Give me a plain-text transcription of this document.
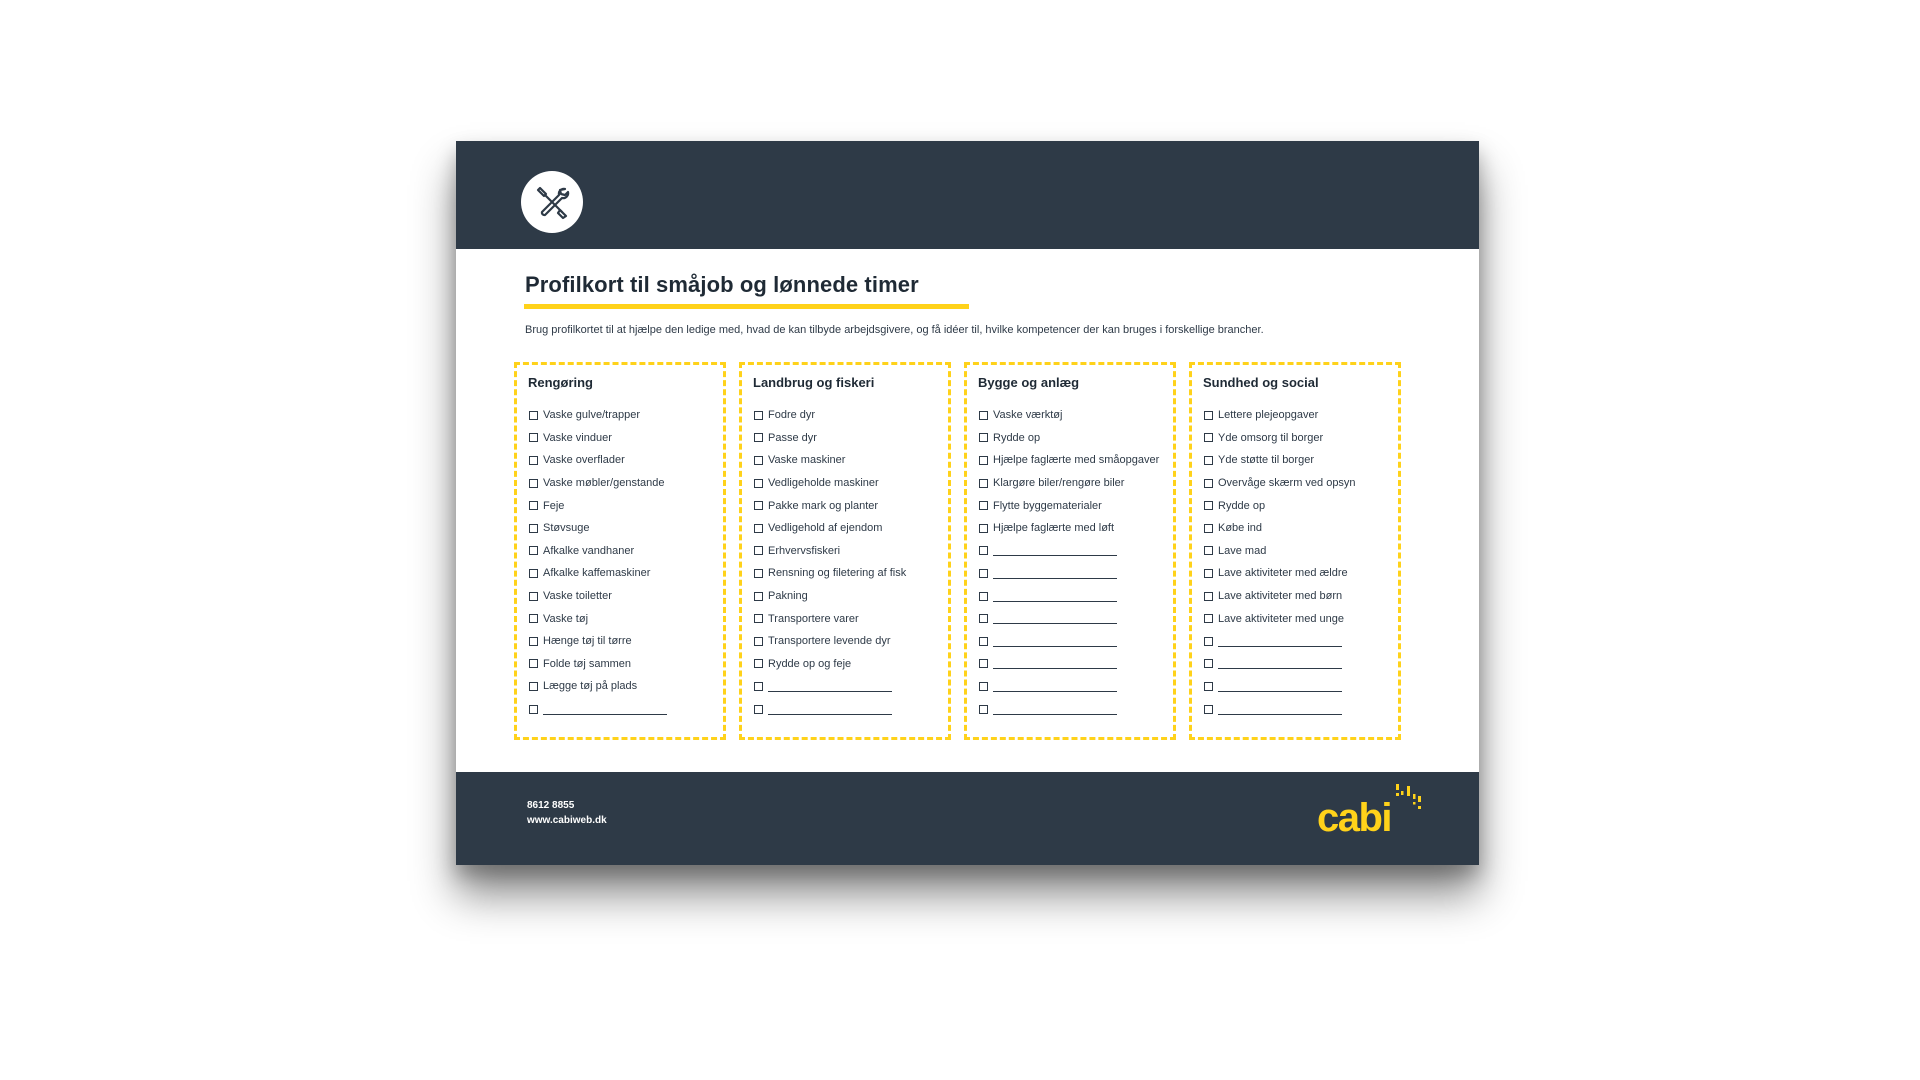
Profilkort til småjob og lønnede timer
Brug profilkortet til at hjælpe den ledige med, hvad de kan tilbyde arbejdsgivere, og få idéer til, hvilke kompetencer der kan bruges i forskellige brancher.
Rengøring
Vaske gulve/trapper
Vaske vinduer
Vaske overflader
Vaske møbler/genstande
Feje
Støvsuge
Afkalke vandhaner
Afkalke kaffemaskiner
Vaske toiletter
Vaske tøj
Hænge tøj til tørre
Folde tøj sammen
Lægge tøj på plads
Landbrug og fiskeri
Fodre dyr
Passe dyr
Vaske maskiner
Vedligeholde maskiner
Pakke mark og planter
Vedligehold af ejendom
Erhvervsfiskeri
Rensning og filetering af fisk
Pakning
Transportere varer
Transportere levende dyr
Rydde op og feje
Bygge og anlæg
Vaske værktøj
Rydde op
Hjælpe faglærte med småopgaver
Klargøre biler/rengøre biler
Flytte byggematerialer
Hjælpe faglærte med løft
Sundhed og social
Lettere plejeopgaver
Yde omsorg til borger
Yde støtte til borger
Overvåge skærm ved opsyn
Rydde op
Købe ind
Lave mad
Lave aktiviteter med ældre
Lave aktiviteter med børn
Lave aktiviteter med unge
8612 8855
www.cabiweb.dk	cabi
